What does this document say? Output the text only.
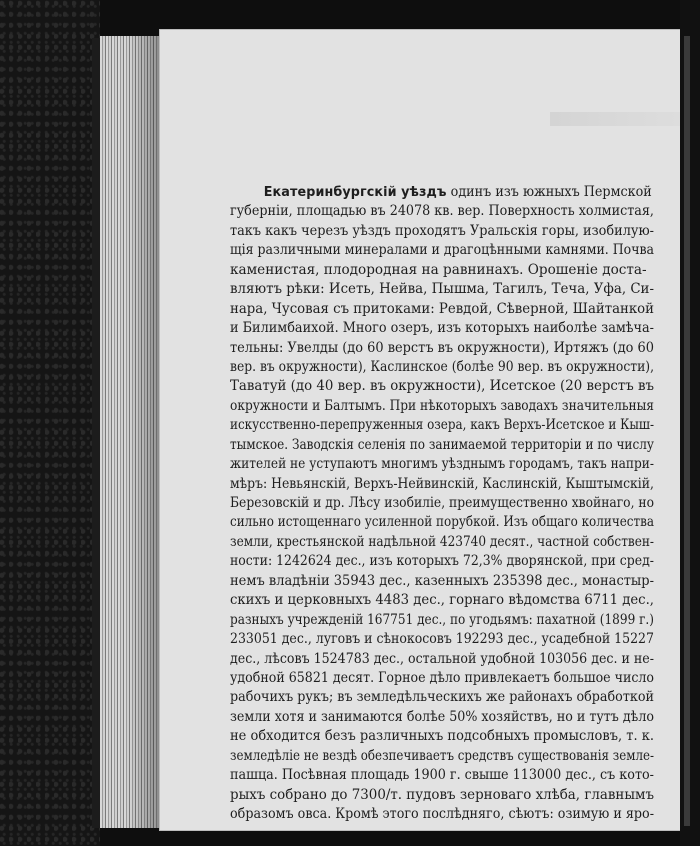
Екатеринбургскій уѣздъ одинъ изъ южныхъ Пермской
губерніи, площадью въ 24078 кв. вер. Поверхность холмистая,
такъ какъ черезъ уѣздъ проходятъ Уральскія горы, изобилую-
щія различными минералами и драгоцѣнными камнями. Почва
каменистая, плодородная на равнинахъ. Орошеніе доста-
вляютъ рѣки: Исеть, Нейва, Пышма, Тагилъ, Теча, Уфа, Си-
нара, Чусовая съ притоками: Ревдой, Сѣверной, Шайтанкой
и Билимбаихой. Много озеръ, изъ которыхъ наиболѣе замѣча-
тельны: Увелды (до 60 верстъ въ окружности), Иртяжъ (до 60
вер. въ окружности), Каслинское (болѣе 90 вер. въ окружности),
Таватуй (до 40 вер. въ окружности), Исетское (20 верстъ въ
окружности и Балтымъ. При нѣкоторыхъ заводахъ значительныя
искусственно-перепруженныя озера, какъ Верхъ-Исетское и Кыш-
тымское. Заводскія селенія по занимаемой территоріи и по числу
жителей не уступаютъ многимъ уѣзднымъ городамъ, такъ напри-
мѣръ: Невьянскій, Верхъ-Нейвинскій, Каслинскій, Кыштымскій,
Березовскій и др. Лѣсу изобиліе, преимущественно хвойнаго, но
сильно истощеннаго усиленной порубкой. Изъ общаго количества
земли, крестьянской надѣльной 423740 десят., частной собствен-
ности: 1242624 дес., изъ которыхъ 72,3% дворянской, при сред-
немъ владѣніи 35943 дес., казенныхъ 235398 дес., монастыр-
скихъ и церковныхъ 4483 дес., горнаго вѣдомства 6711 дес.,
разныхъ учрежденій 167751 дес., по угодьямъ: пахатной (1899 г.)
233051 дес., луговъ и сѣнокосовъ 192293 дес., усадебной 15227
дес., лѣсовъ 1524783 дес., остальной удобной 103056 дес. и не-
удобной 65821 десят. Горное дѣло привлекаетъ большое число
рабочихъ рукъ; въ земледѣльческихъ же районахъ обработкой
земли хотя и занимаются болѣе 50% хозяйствъ, но и тутъ дѣло
не обходится безъ различныхъ подсобныхъ промысловъ, т. к.
земледѣліе не вездѣ обезпечиваетъ средствъ существованія земле-
пашца. Посѣвная площадь 1900 г. свыше 113000 дес., съ кото-
рыхъ собрано до 7300/т. пудовъ зерноваго хлѣба, главнымъ
образомъ овса. Кромѣ этого послѣдняго, сѣютъ: озимую и яро-
